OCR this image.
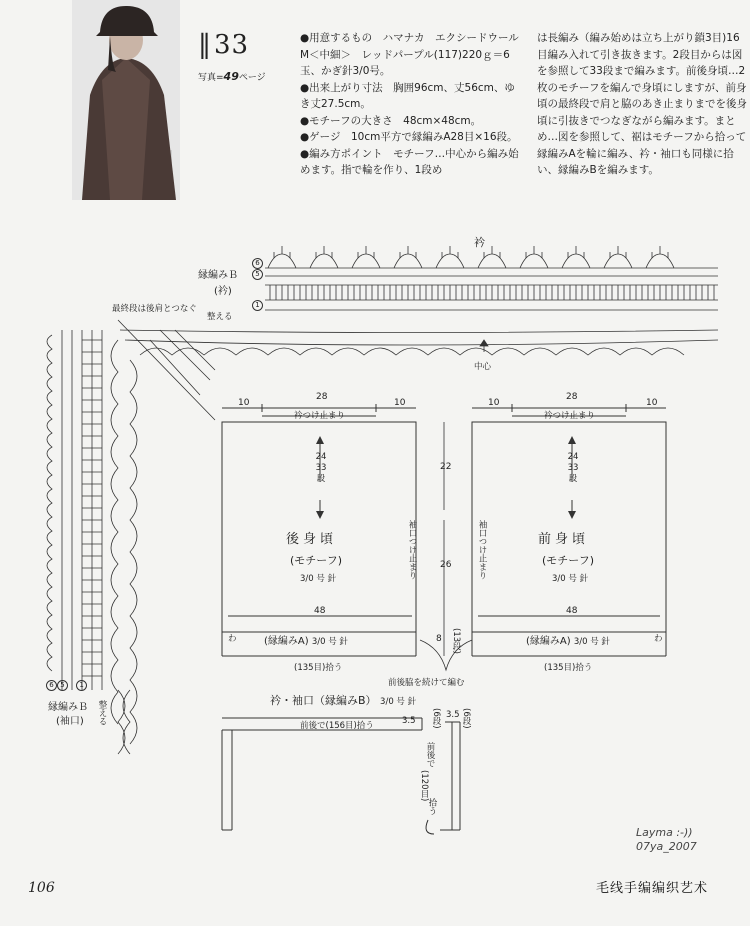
‖33
写真=49ページ

●用意するもの　ハマナカ　エクシードウールM＜中細＞　レッドパープル(117)220ｇ＝6玉、かぎ針3/0号。

●出来上がり寸法　胸囲96cm、丈56cm、ゆき丈27.5cm。

●モチーフの大きさ　48cm×48cm。

●ゲージ　10cm平方で縁編みA28目×16段。

●編み方ポイント　モチーフ…中心から編み始めます。指で輪を作り、1段め

は長編み（編み始めは立ち上がり鎖3目)16目編み入れて引き抜きます。2段目からは図を参照して33段まで編みます。前後身頃…2枚のモチーフを編んで身頃にしますが、前身頃の最終段で肩と脇のあき止まりまでを後身頃に引抜きでつなぎながら編みます。まとめ…図を参照して、裾はモチーフから拾って縁編みAを輪に編み、衿・袖口も同様に拾い、縁編みBを編みます。

衿
縁編みＢ
(衿)
6
5

1
最終段は後肩とつなぐ
整える
中心
6 5 1
縁編みＢ
(袖口) 整える
10
28
10
衿つけ止まり
24
33
段
後身頃
(モチーフ)
3/0 号 針
48
わ	(縁編みA) 3/0 号 針
(135目)拾う
袖口つけ止まり
22
26
8 (13段)
前後脇を続けて編む
10
28
10
衿つけ止まり
24
33
段
前身頃
(モチーフ)
3/0 号 針
48
わ
(縁編みA) 3/0 号 針
(135目)拾う
袖口つけ止まり
衿・袖口（縁編みB） 3/0 号 針
前後で(156目)拾う	3.5 (6段) 3.5 (6段)
前後で
(120目)
拾う
106
Layma :-))
07ya_2007
毛线手编编织艺术
